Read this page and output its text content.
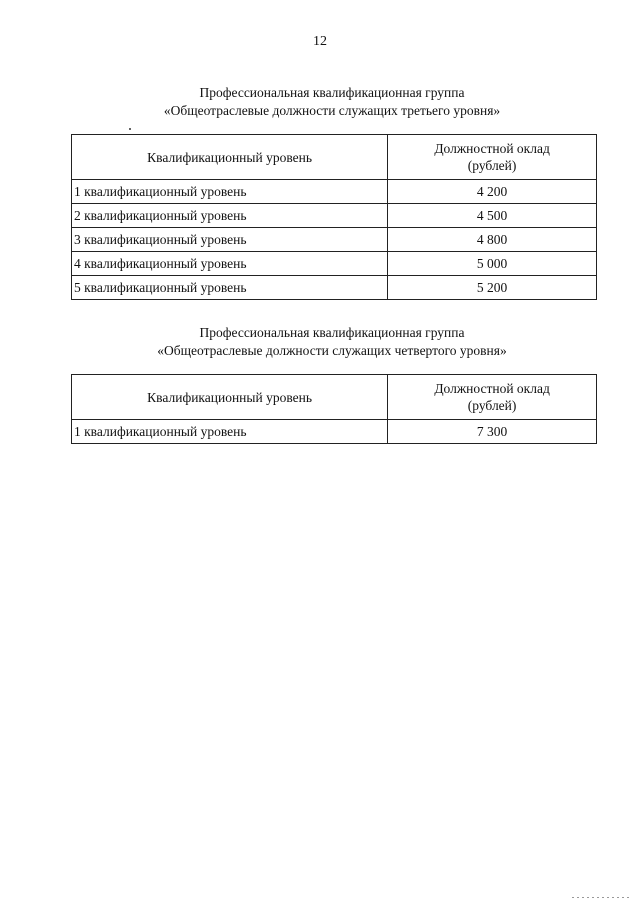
12
Профессиональная квалификационная группа
«Общеотраслевые должности служащих третьего уровня»
Квалификационный уровень	Должностной оклад
(рублей)
1 квалификационный уровень	4 200
2 квалификационный уровень	4 500
3 квалификационный уровень	4 800
4 квалификационный уровень	5 000
5 квалификационный уровень	5 200
Профессиональная квалификационная группа
«Общеотраслевые должности служащих четвертого уровня»
Квалификационный уровень	Должностной оклад
(рублей)
1 квалификационный уровень	7 300
